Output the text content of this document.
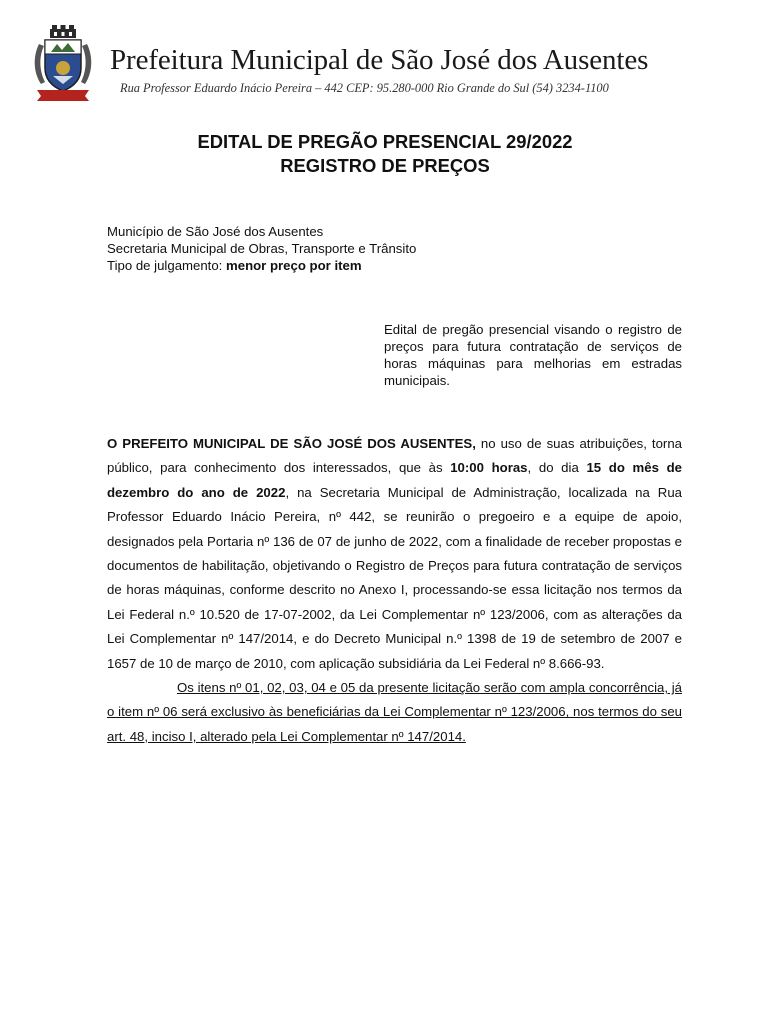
Prefeitura Municipal de São José dos Ausentes
Rua Professor Eduardo Inácio Pereira – 442 CEP: 95.280-000 Rio Grande do Sul (54) 3234-1100
EDITAL DE PREGÃO PRESENCIAL 29/2022
REGISTRO DE PREÇOS
Município de São José dos Ausentes
Secretaria Municipal de Obras, Transporte e Trânsito
Tipo de julgamento: menor preço por item
Edital de pregão presencial visando o registro de preços para futura contratação de serviços de horas máquinas para melhorias em estradas municipais.

O PREFEITO MUNICIPAL DE SÃO JOSÉ DOS AUSENTES, no uso de suas atribuições, torna público, para conhecimento dos interessados, que às 10:00 horas, do dia 15 do mês de dezembro do ano de 2022, na Secretaria Municipal de Administração, localizada na Rua Professor Eduardo Inácio Pereira, nº 442, se reunirão o pregoeiro e a equipe de apoio, designados pela Portaria nº 136 de 07 de junho de 2022, com a finalidade de receber propostas e documentos de habilitação, objetivando o Registro de Preços para futura contratação de serviços de horas máquinas, conforme descrito no Anexo I, processando-se essa licitação nos termos da Lei Federal n.º 10.520 de 17-07-2002, da Lei Complementar nº 123/2006, com as alterações da Lei Complementar nº 147/2014, e do Decreto Municipal n.º 1398 de 19 de setembro de 2007 e 1657 de 10 de março de 2010, com aplicação subsidiária da Lei Federal nº 8.666-93.

Os itens nº 01, 02, 03, 04 e 05 da presente licitação serão com ampla concorrência, já o item nº 06 será exclusivo às beneficiárias da Lei Complementar nº 123/2006, nos termos do seu art. 48, inciso I, alterado pela Lei Complementar nº 147/2014.
